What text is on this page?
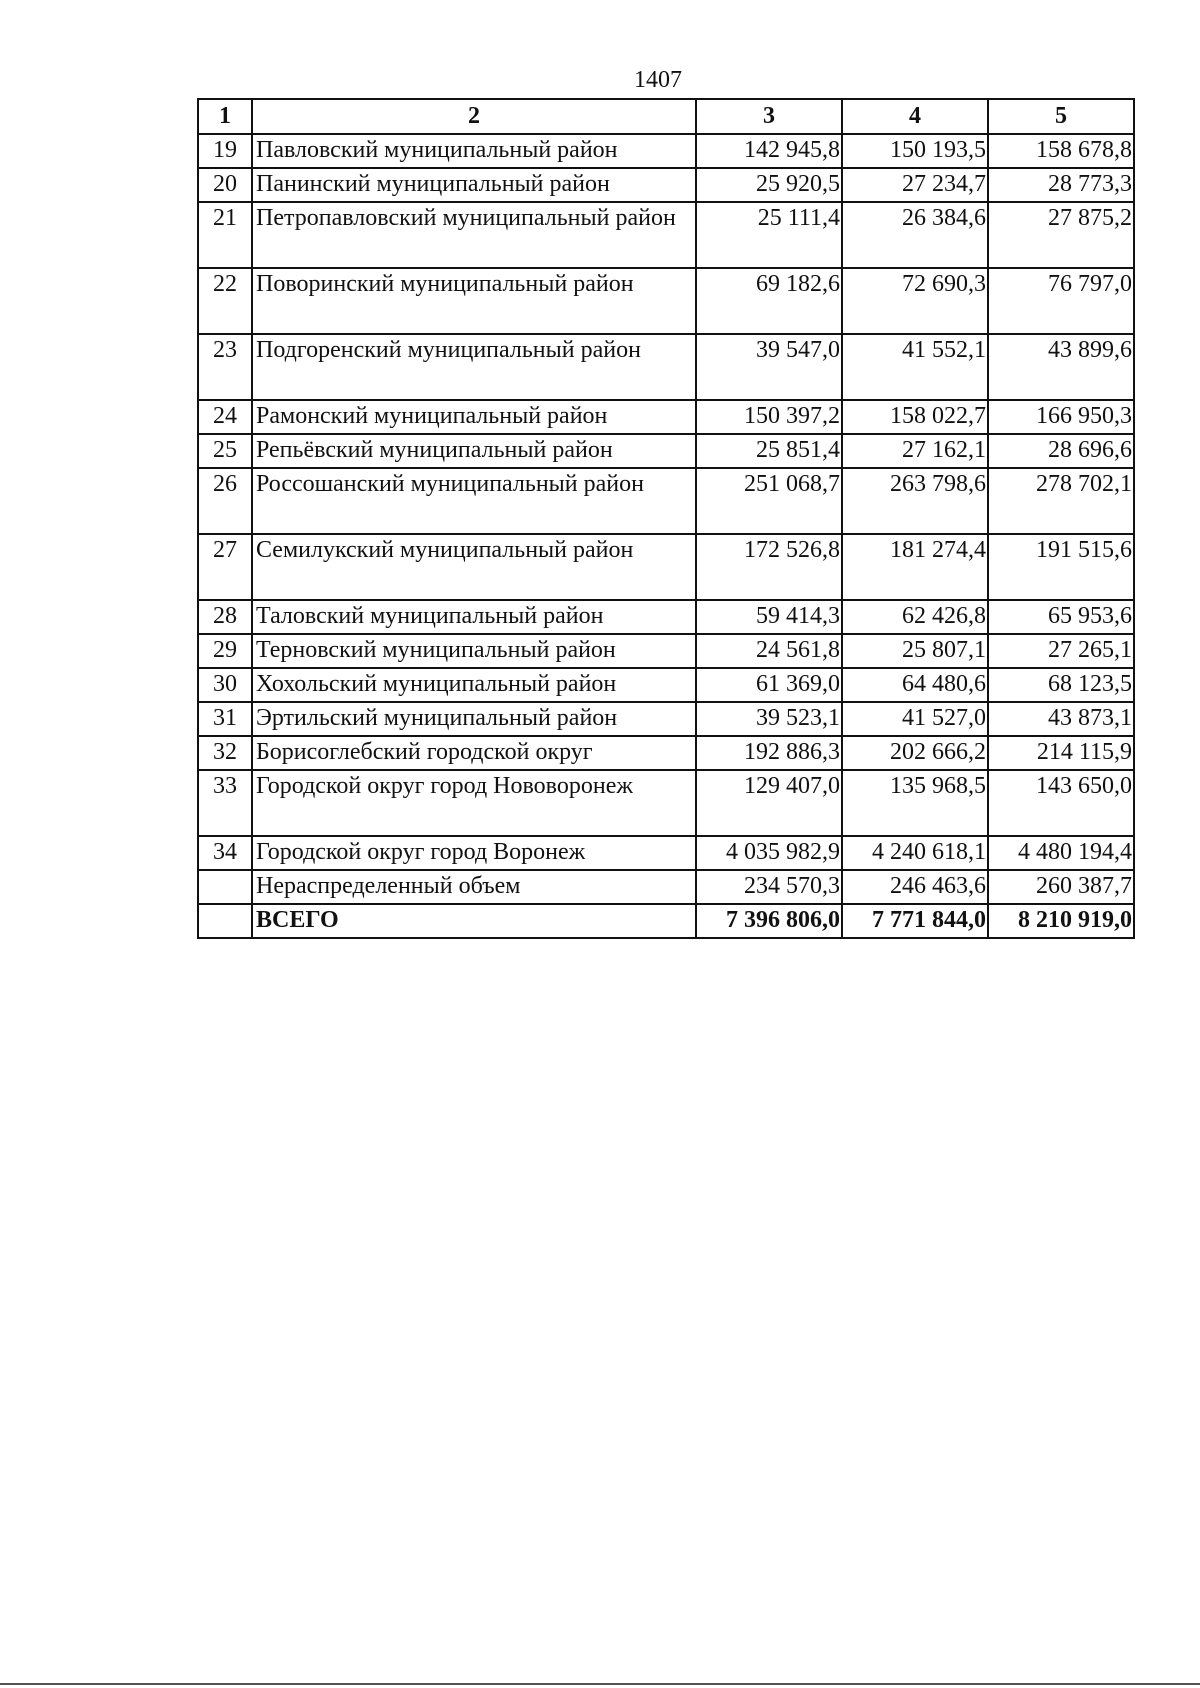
1407
1	2	3	4	5
19	Павловский муниципальный район	142 945,8	150 193,5	158 678,8
20	Панинский муниципальный район	25 920,5	27 234,7	28 773,3
21	Петропавловский муниципальный район	25 111,4	26 384,6	27 875,2
22	Поворинский муниципальный район	69 182,6	72 690,3	76 797,0
23	Подгоренский муниципальный район	39 547,0	41 552,1	43 899,6
24	Рамонский муниципальный район	150 397,2	158 022,7	166 950,3
25	Репьёвский муниципальный район	25 851,4	27 162,1	28 696,6
26	Россошанский муниципальный район	251 068,7	263 798,6	278 702,1
27	Семилукский муниципальный район	172 526,8	181 274,4	191 515,6
28	Таловский муниципальный район	59 414,3	62 426,8	65 953,6
29	Терновский муниципальный район	24 561,8	25 807,1	27 265,1
30	Хохольский муниципальный район	61 369,0	64 480,6	68 123,5
31	Эртильский муниципальный район	39 523,1	41 527,0	43 873,1
32	Борисоглебский городской округ	192 886,3	202 666,2	214 115,9
33	Городской округ город Нововоронеж	129 407,0	135 968,5	143 650,0
34	Городской округ город Воронеж	4 035 982,9	4 240 618,1	4 480 194,4
	Нераспределенный объем	234 570,3	246 463,6	260 387,7
	ВСЕГО	7 396 806,0	7 771 844,0	8 210 919,0
